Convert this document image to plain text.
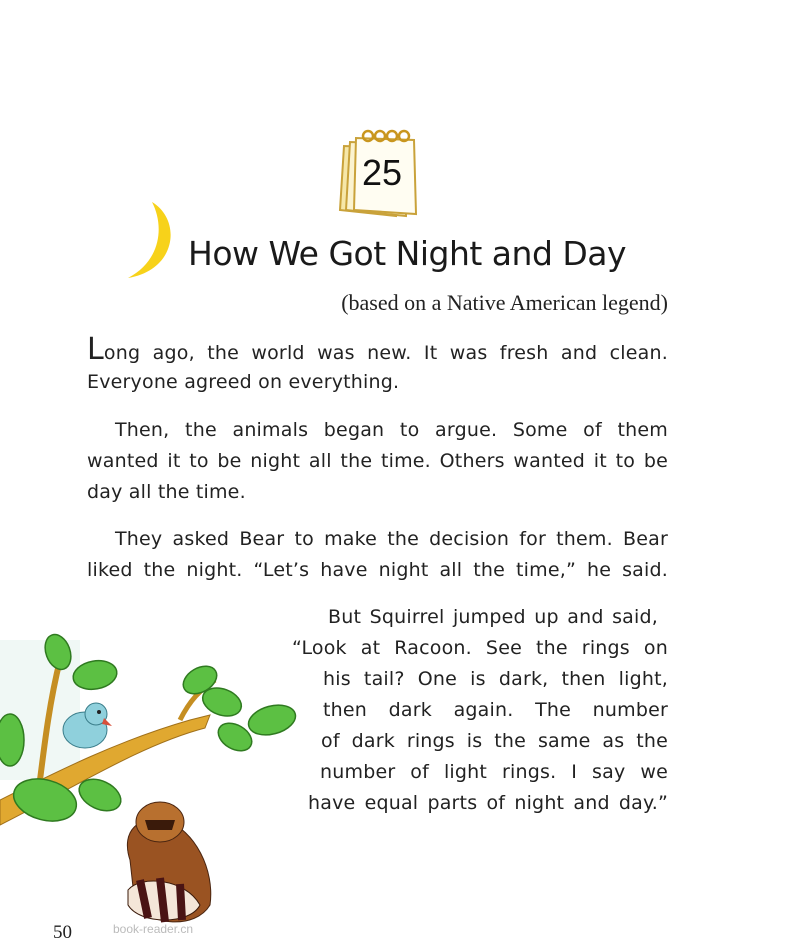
25
How We Got Night and Day
(based on a Native American legend)
Long ago, the world was new. It was fresh and clean.
Everyone agreed on everything.
Then, the animals began to argue. Some of them
wanted it to be night all the time. Others wanted it to be
day all the time.
They asked Bear to make the decision for them. Bear
liked the night. “Let’s have night all the time,” he said.
But Squirrel jumped up and said,
“Look at Racoon. See the rings on
his tail? One is dark, then light,
then dark again. The number
of dark rings is the same as the
number of light rings. I say we
have equal parts of night and day.”
50	book-reader.cn
